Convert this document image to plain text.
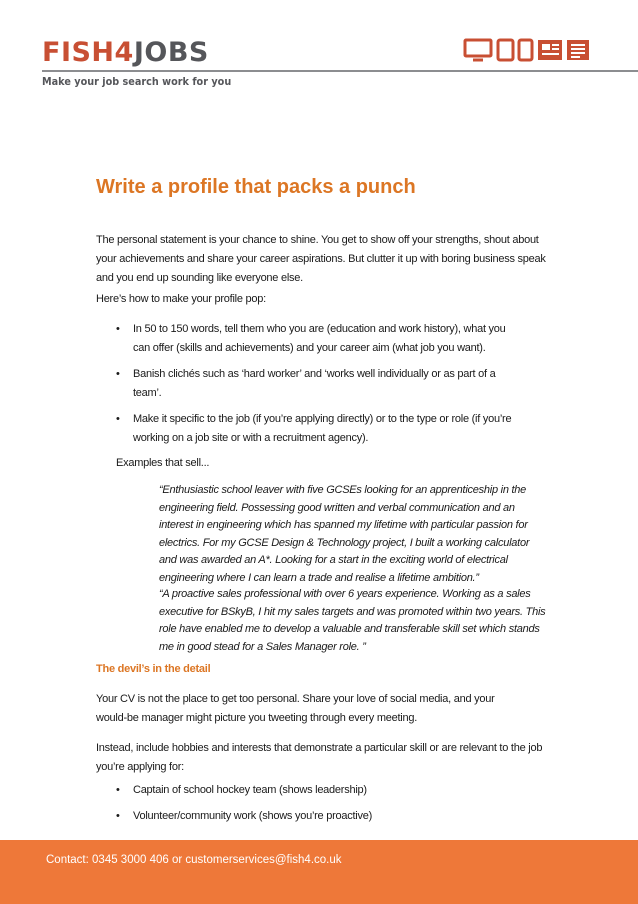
FISH4JOBS
Make your job search work for you
Write a profile that packs a punch
The personal statement is your chance to shine. You get to show off your strengths, shout about your achievements and share your career aspirations. But clutter it up with boring business speak and you end up sounding like everyone else.
Here’s how to make your profile pop:
• In 50 to 150 words, tell them who you are (education and work history), what you can offer (skills and achievements) and your career aim (what job you want).
• Banish clichés such as ‘hard worker’ and ‘works well individually or as part of a team’.
• Make it specific to the job (if you’re applying directly) or to the type or role (if you’re working on a job site or with a recruitment agency).
Examples that sell...
“Enthusiastic school leaver with five GCSEs looking for an apprenticeship in the engineering field. Possessing good written and verbal communication and an interest in engineering which has spanned my lifetime with particular passion for electrics. For my GCSE Design & Technology project, I built a working calculator and was awarded an A*. Looking for a start in the exciting world of electrical engineering where I can learn a trade and realise a lifetime ambition.”
“A proactive sales professional with over 6 years experience. Working as a sales executive for BSkyB, I hit my sales targets and was promoted within two years. This role have enabled me to develop a valuable and transferable skill set which stands me in good stead for a Sales Manager role. ”
The devil’s in the detail
Your CV is not the place to get too personal. Share your love of social media, and your would-be manager might picture you tweeting through every meeting.
Instead, include hobbies and interests that demonstrate a particular skill or are relevant to the job you’re applying for:
• Captain of school hockey team (shows leadership)
• Volunteer/community work (shows you’re proactive)
Contact: 0345 3000 406 or customerservices@fish4.co.uk
